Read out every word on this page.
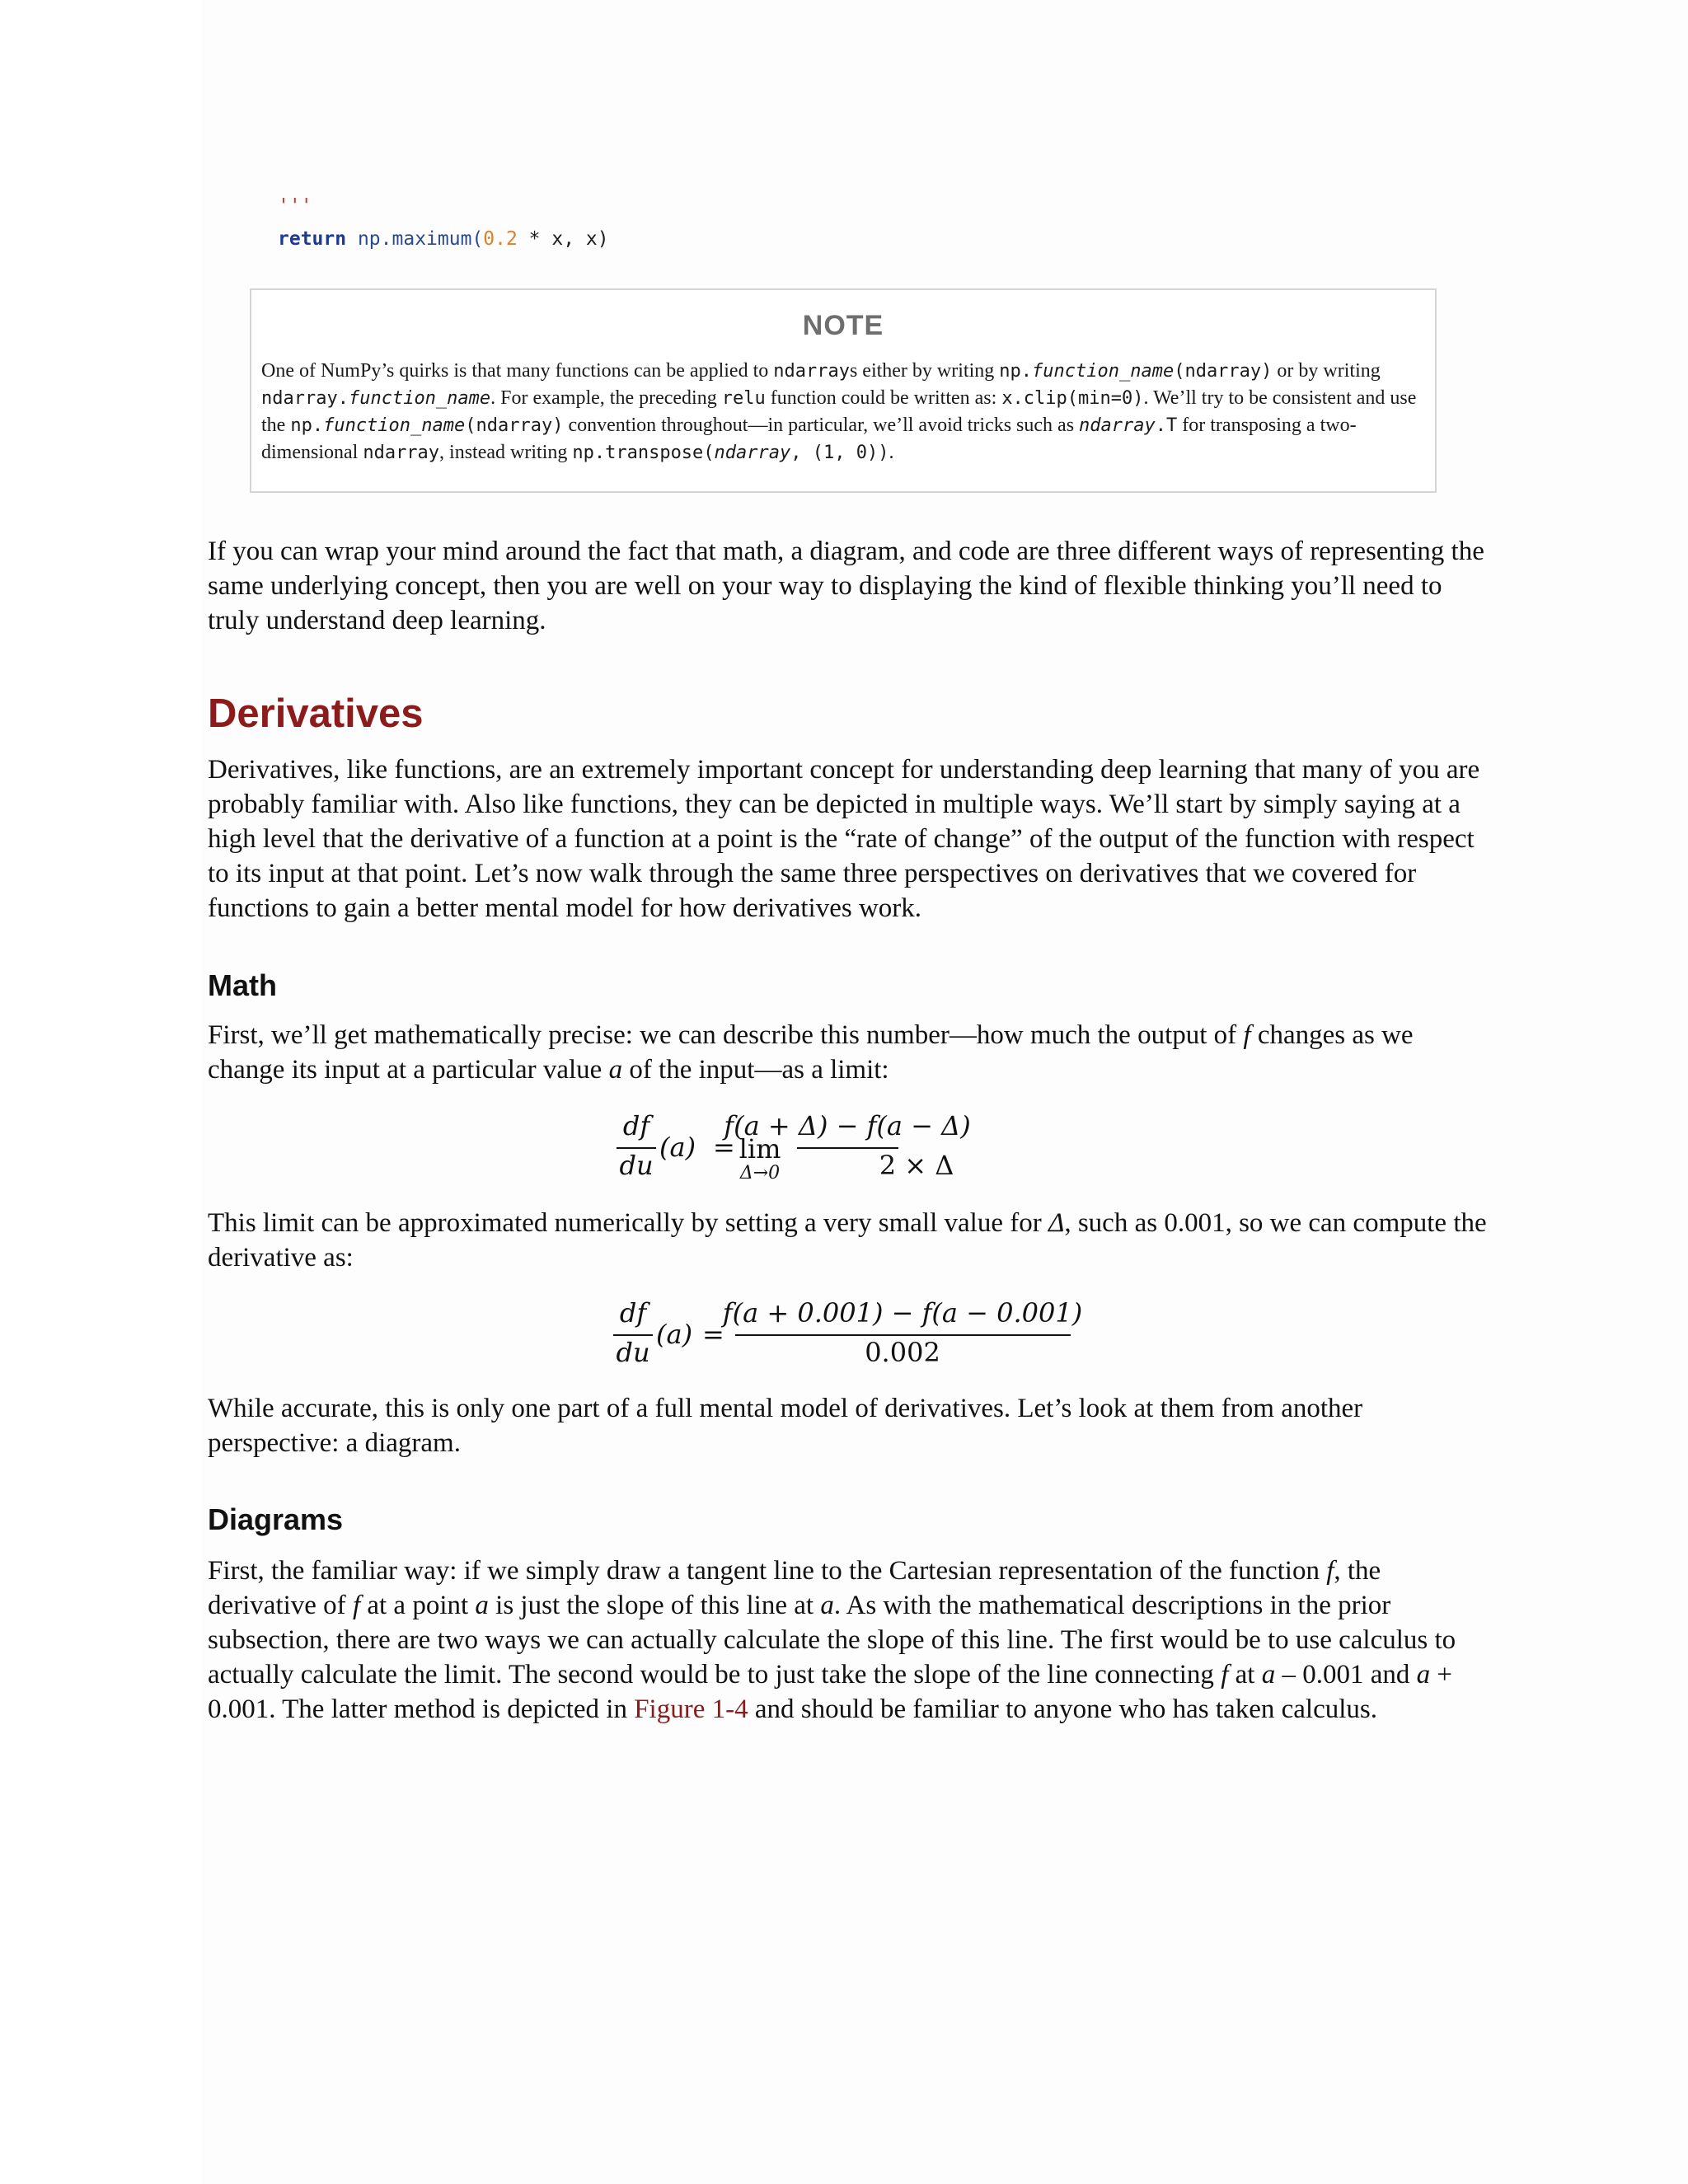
'''
return np.maximum(0.2 * x, x)
NOTE
One of NumPy’s quirks is that many functions can be applied to ndarrays either by writing np.function_name(ndarray) or by writing ndarray.function_name. For example, the preceding relu function could be written as: x.clip(min=0). We’ll try to be consistent and use the np.function_name(ndarray) convention throughout—in particular, we’ll avoid tricks such as ndarray.T for transposing a two-dimensional ndarray, instead writing np.transpose(ndarray, (1, 0)).
If you can wrap your mind around the fact that math, a diagram, and code are three different ways of representing the same underlying concept, then you are well on your way to displaying the kind of flexible thinking you’ll need to truly understand deep learning.
Derivatives
Derivatives, like functions, are an extremely important concept for understanding deep learning that many of you are probably familiar with. Also like functions, they can be depicted in multiple ways. We’ll start by simply saying at a high level that the derivative of a function at a point is the “rate of change” of the output of the function with respect to its input at that point. Let’s now walk through the same three perspectives on derivatives that we covered for functions to gain a better mental model for how derivatives work.
Math
First, we’ll get mathematically precise: we can describe this number—how much the output of f changes as we change its input at a particular value a of the input—as a limit:
df
du
(a) = lim
Δ→0
f(a + Δ) − f(a − Δ)
2 × Δ
This limit can be approximated numerically by setting a very small value for Δ, such as 0.001, so we can compute the derivative as:
df
du
(a) =
f(a + 0.001) − f(a − 0.001)
0.002
While accurate, this is only one part of a full mental model of derivatives. Let’s look at them from another perspective: a diagram.
Diagrams
First, the familiar way: if we simply draw a tangent line to the Cartesian representation of the function f, the derivative of f at a point a is just the slope of this line at a. As with the mathematical descriptions in the prior subsection, there are two ways we can actually calculate the slope of this line. The first would be to use calculus to actually calculate the limit. The second would be to just take the slope of the line connecting f at a – 0.001 and a + 0.001. The latter method is depicted in Figure 1-4 and should be familiar to anyone who has taken calculus.
